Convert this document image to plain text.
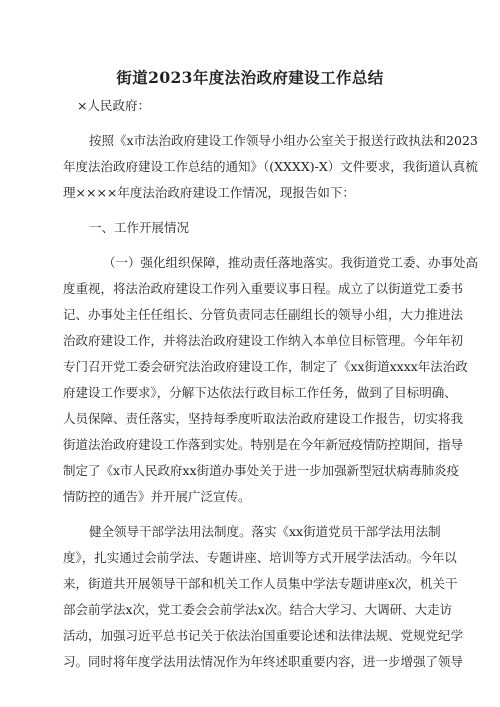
街道2023年度法治政府建设工作总结
×人民政府：
按照《x市法治政府建设工作领导小组办公室关于报送行政执法和2023
年度法治政府建设工作总结的通知》（(XXXX)-X）文件要求，我街道认真梳
理××××年度法治政府建设工作情况，现报告如下：
一、工作开展情况
（一）强化组织保障，推动责任落地落实。我街道党工委、办事处高
度重视，将法治政府建设工作列入重要议事日程。成立了以街道党工委书
记、办事处主任任组长、分管负责同志任副组长的领导小组，大力推进法
治政府建设工作，并将法治政府建设工作纳入本单位目标管理。今年年初
专门召开党工委会研究法治政府建设工作，制定了《xx街道xxxx年法治政
府建设工作要求》，分解下达依法行政目标工作任务，做到了目标明确、
人员保障、责任落实，坚持每季度听取法治政府建设工作报告，切实将我
街道法治政府建设工作落到实处。特别是在今年新冠疫情防控期间，指导
制定了《x市人民政府xx街道办事处关于进一步加强新型冠状病毒肺炎疫
情防控的通告》并开展广泛宣传。
健全领导干部学法用法制度。落实《xx街道党员干部学法用法制
度》，扎实通过会前学法、专题讲座、培训等方式开展学法活动。今年以
来，街道共开展领导干部和机关工作人员集中学法专题讲座x次，机关干
部会前学法x次，党工委会会前学法x次。结合大学习、大调研、大走访
活动，加强习近平总书记关于依法治国重要论述和法律法规、党规党纪学
习。同时将年度学法用法情况作为年终述职重要内容，进一步增强了领导
